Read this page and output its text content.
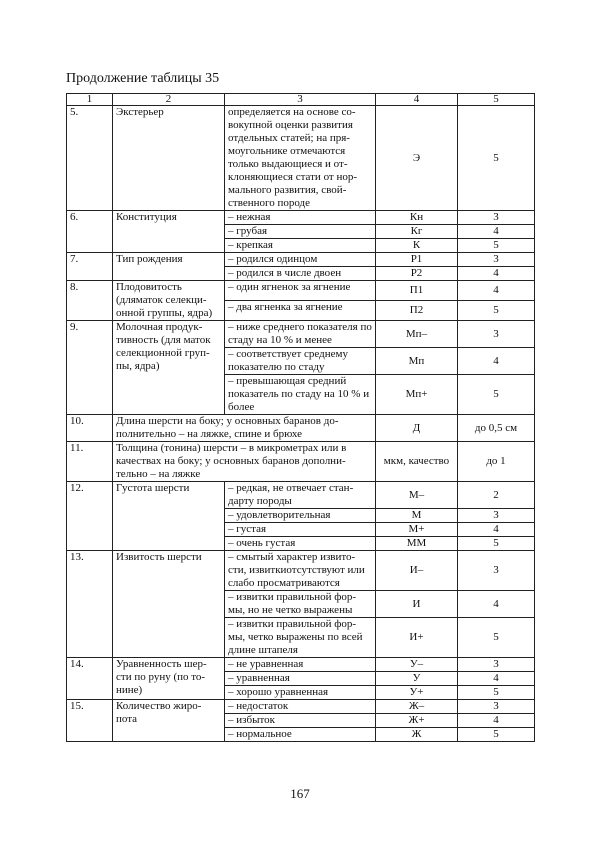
Продолжение таблицы 35
1	2	3	4	5
5.	Экстерьер	определяется на основе со-вокупной оценки развития отдельных статей; на пря-моугольнике отмечаются только выдающиеся и от-клоняющиеся стати от нор-мального развития, свой-ственного породе	Э	5
6.	Конституция	– нежная	Кн	3
		– грубая	Кг	4
		– крепкая	К	5
7.	Тип рождения	– родился одинцом	Р1	3
		– родился в числе двоен	Р2	4
8.	Плодовитость (дляматок селекци-онной группы, ядра)	– один ягненок за ягнение	П1	4
		– два ягненка за ягнение	П2	5
9.	Молочная продук-тивность (для маток селекционной груп-пы, ядра)	– ниже среднего показателя по стаду на 10 % и менее	Мп–	3
		– соответствует среднему показателю по стаду	Мп	4
		– превышающая средний показатель по стаду на 10 % и более	Мп+	5
10.	Длина шерсти на боку; у основных баранов до-полнительно – на ляжке, спине и брюхе		Д	до 0,5 см
11.	Толщина (тонина) шерсти – в микрометрах или в качествах на боку; у основных баранов дополни-тельно – на ляжке		мкм, качество	до 1
12.	Густота шерсти	– редкая, не отвечает стан-дарту породы	М–	2
		– удовлетворительная	М	3
		– густая	М+	4
		– очень густая	ММ	5
13.	Извитость шерсти	– смытый характер извито-сти, извиткиотсутствуют или слабо просматриваются	И–	3
		– извитки правильной фор-мы, но не четко выражены	И	4
		– извитки правильной фор-мы, четко выражены по всей длине штапеля	И+	5
14.	Уравненность шер-сти по руну (по то-нине)	– не уравненная	У–	3
		– уравненная	У	4
		– хорошо уравненная	У+	5
15.	Количество жиро-пота	– недостаток	Ж–	3
		– избыток	Ж+	4
		– нормальное	Ж	5
167
